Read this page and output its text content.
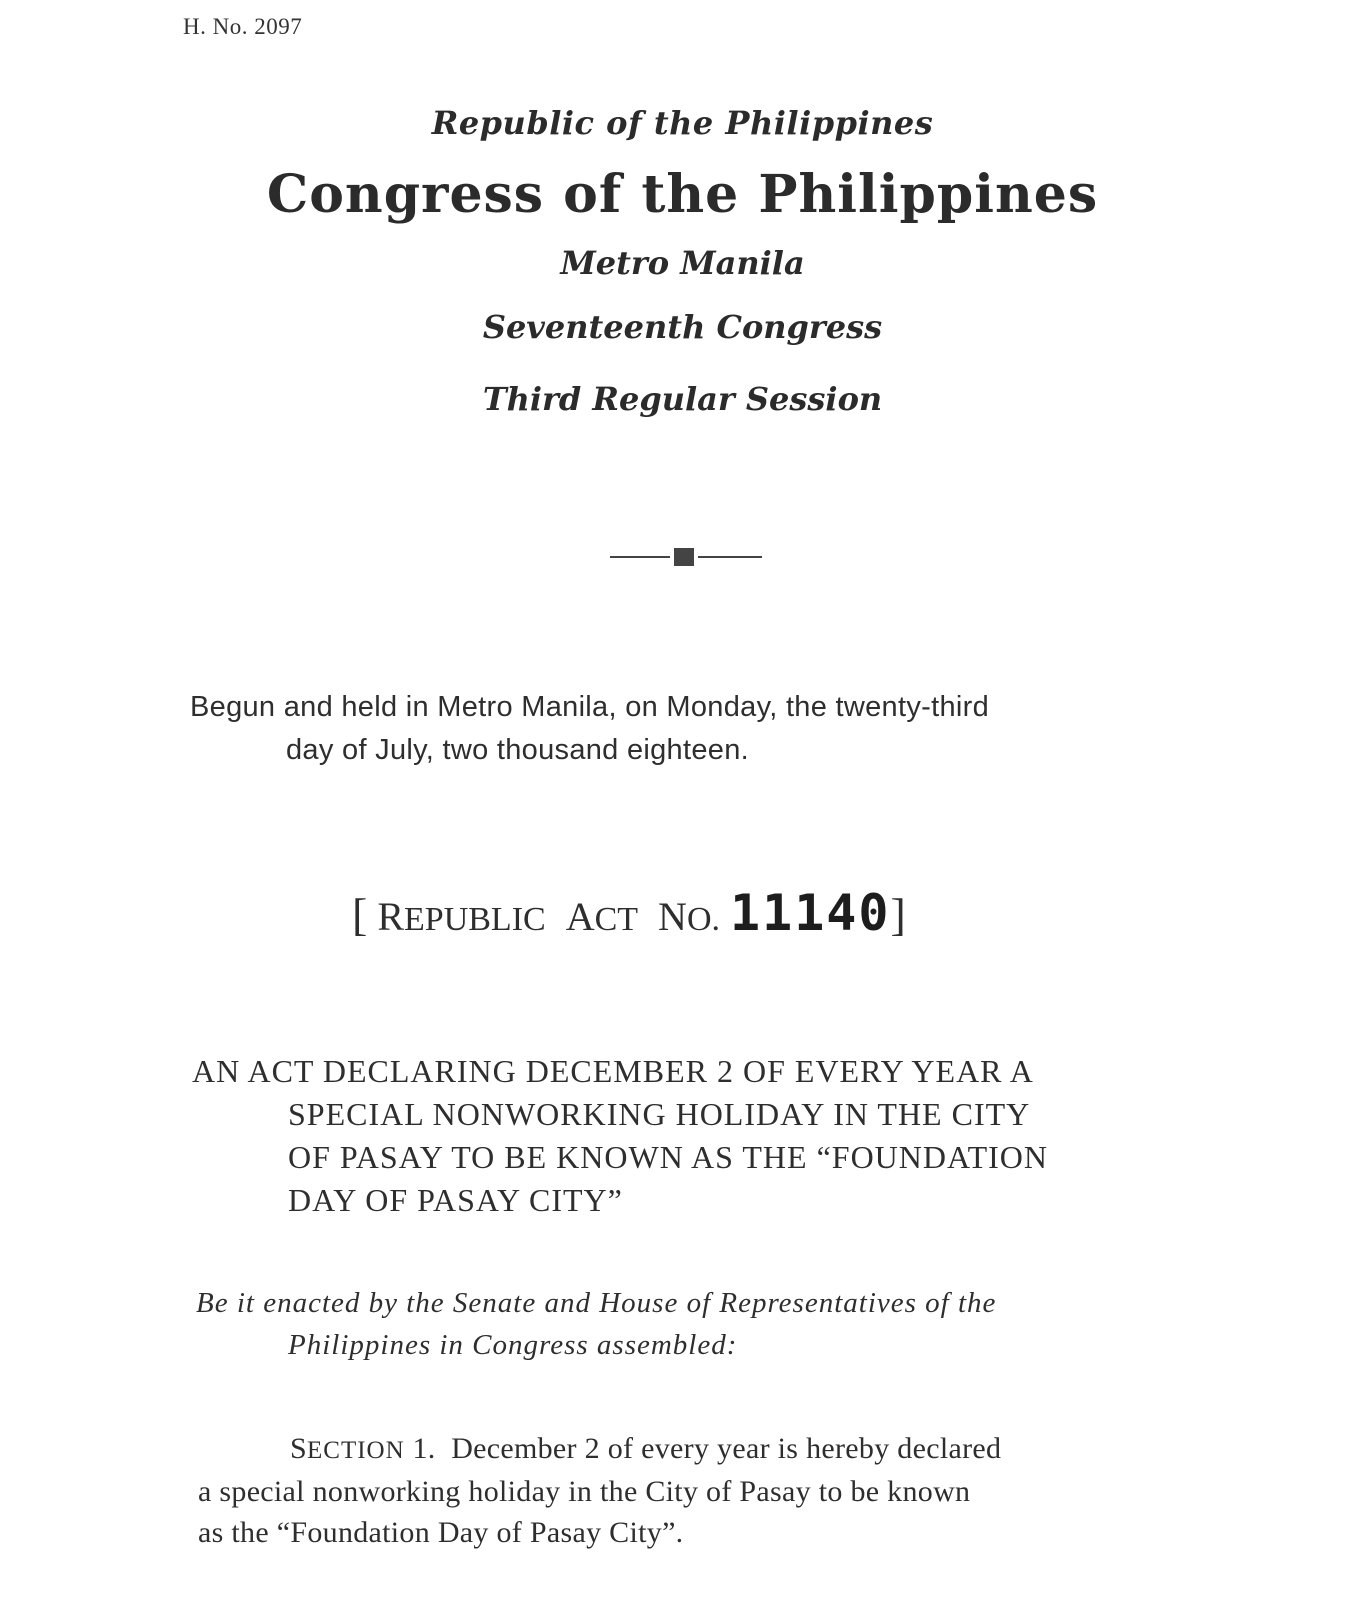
H. No. 2097
Republic of the Philippines
Congress of the Philippines
Metro Manila
Seventeenth Congress
Third Regular Session
Begun and held in Metro Manila, on Monday, the twenty-third
day of July, two thousand eighteen.
[ REPUBLIC ACT NO. 11140]
AN ACT DECLARING DECEMBER 2 OF EVERY YEAR A
SPECIAL NONWORKING HOLIDAY IN THE CITY
OF PASAY TO BE KNOWN AS THE “FOUNDATION
DAY OF PASAY CITY”
Be it enacted by the Senate and House of Representatives of the
Philippines in Congress assembled:
SECTION 1. December 2 of every year is hereby declared
a special nonworking holiday in the City of Pasay to be known
as the “Foundation Day of Pasay City”.
